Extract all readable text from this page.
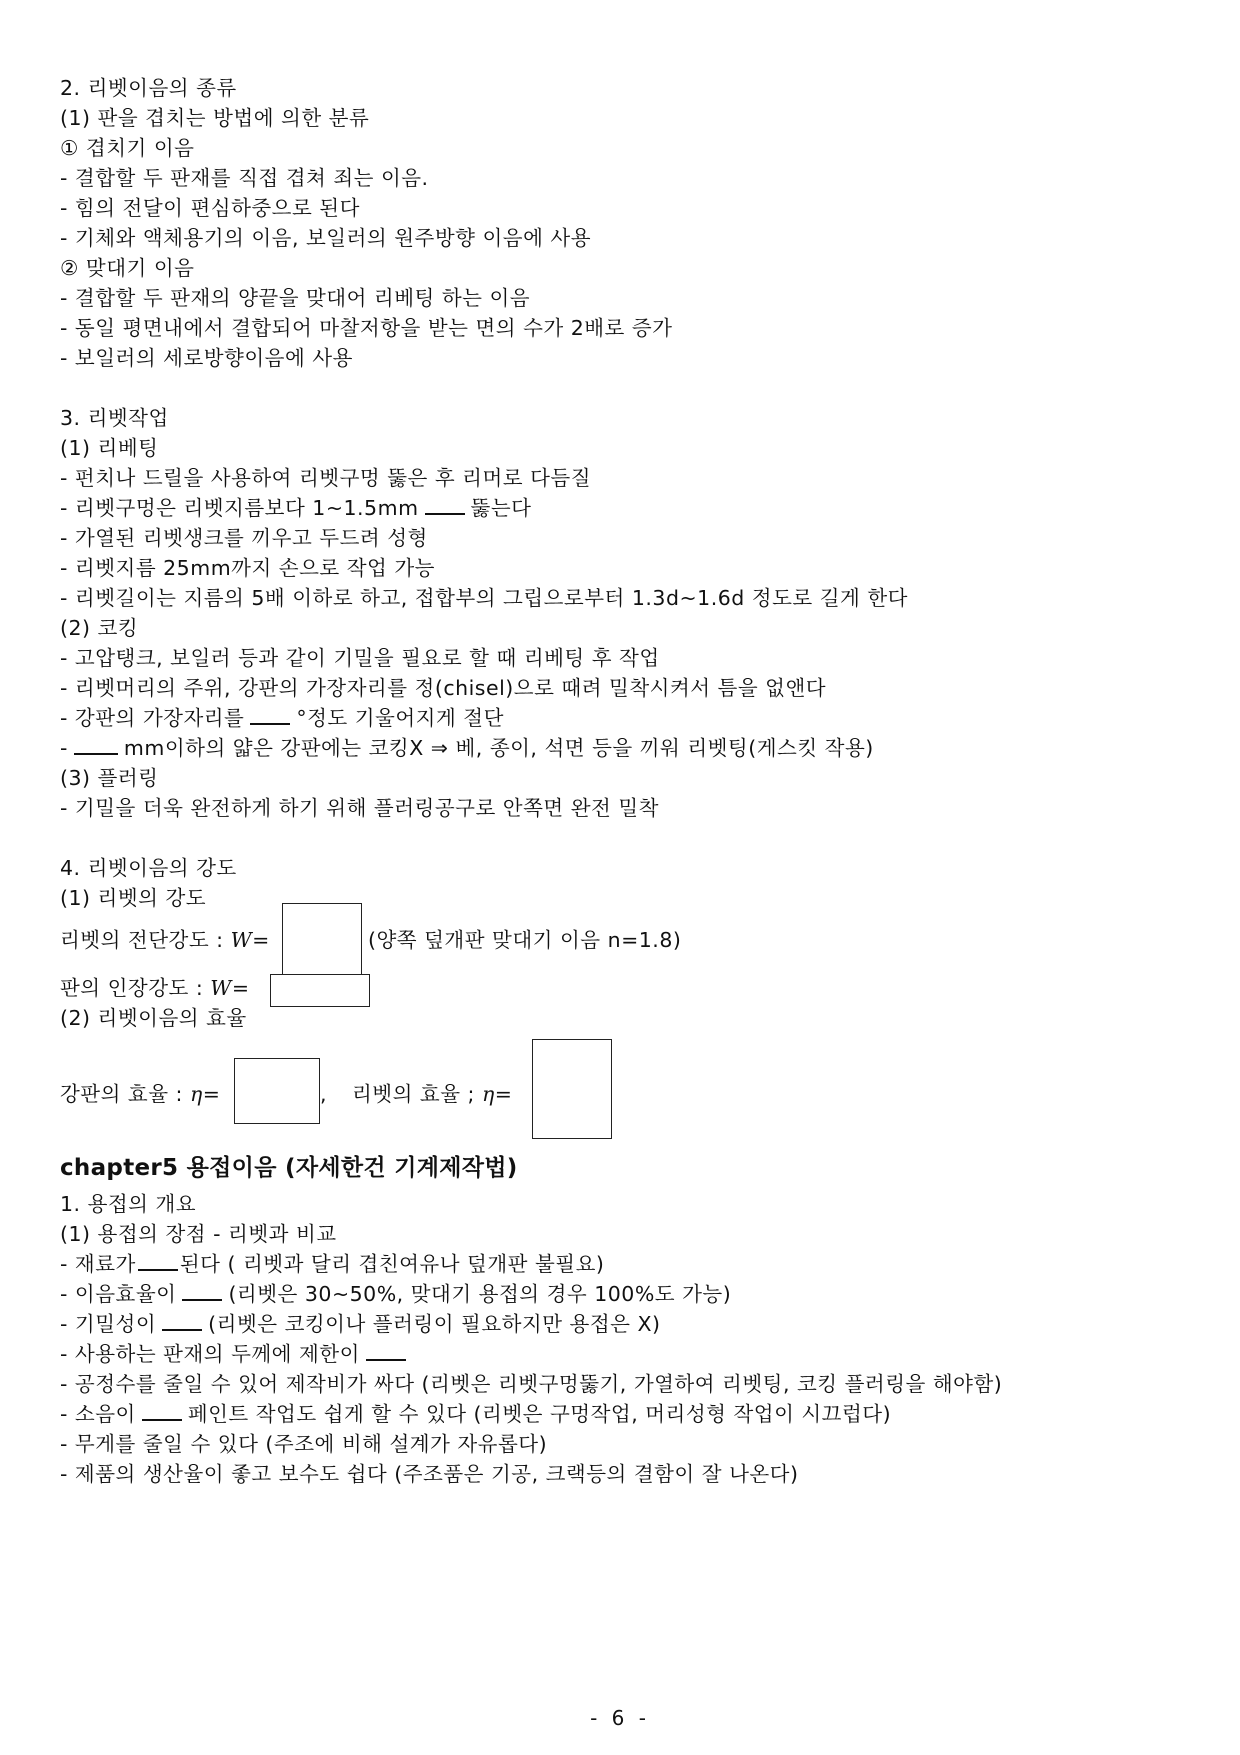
2. 리벳이음의 종류
(1) 판을 겹치는 방법에 의한 분류
① 겹치기 이음
- 결합할 두 판재를 직접 겹쳐 죄는 이음.
- 힘의 전달이 편심하중으로 된다
- 기체와 액체용기의 이음, 보일러의 원주방향 이음에 사용
② 맞대기 이음
- 결합할 두 판재의 양끝을 맞대어 리베팅 하는 이음
- 동일 평면내에서 결합되어 마찰저항을 받는 면의 수가 2배로 증가
- 보일러의 세로방향이음에 사용
3. 리벳작업
(1) 리베팅
- 펀치나 드릴을 사용하여 리벳구멍 뚫은 후 리머로 다듬질
- 리벳구멍은 리벳지름보다 1~1.5mm	뚫는다
- 가열된 리벳생크를 끼우고 두드려 성형
- 리벳지름 25mm까지 손으로 작업 가능
- 리벳길이는 지름의 5배 이하로 하고, 접합부의 그립으로부터 1.3d~1.6d 정도로 길게 한다
(2) 코킹
- 고압탱크, 보일러 등과 같이 기밀을 필요로 할 때 리베팅 후 작업
- 리벳머리의 주위, 강판의 가장자리를 정(chisel)으로 때려 밀착시켜서 틈을 없앤다
- 강판의 가장자리를	°정도 기울어지게 절단
-	mm이하의 얇은 강판에는 코킹X ⇒ 베, 종이, 석면 등을 끼워 리벳팅(게스킷 작용)
(3) 플러링
- 기밀을 더욱 완전하게 하기 위해 플러링공구로 안쪽면 완전 밀착
4. 리벳이음의 강도
(1) 리벳의 강도
리벳의 전단강도 : W=	(양쪽 덮개판 맞대기 이음 n=1.8)
판의 인장강도 : W=
(2) 리벳이음의 효율
강판의 효율 : η=	, 리벳의 효율 ; η=
chapter5 용접이음 (자세한건 기계제작법)
1. 용접의 개요
(1) 용접의 장점 - 리벳과 비교
- 재료가 된다 ( 리벳과 달리 겹친여유나 덮개판 불필요)
- 이음효율이	(리벳은 30~50%, 맞대기 용접의 경우 100%도 가능)
- 기밀성이	(리벳은 코킹이나 플러링이 필요하지만 용접은 X)
- 사용하는 판재의 두께에 제한이
- 공정수를 줄일 수 있어 제작비가 싸다 (리벳은 리벳구멍뚫기, 가열하여 리벳팅, 코킹 플러링을 해야함)
- 소음이	페인트 작업도 쉽게 할 수 있다 (리벳은 구멍작업, 머리성형 작업이 시끄럽다)
- 무게를 줄일 수 있다 (주조에 비해 설계가 자유롭다)
- 제품의 생산율이 좋고 보수도 쉽다 (주조품은 기공, 크랙등의 결함이 잘 나온다)
- 6 -
